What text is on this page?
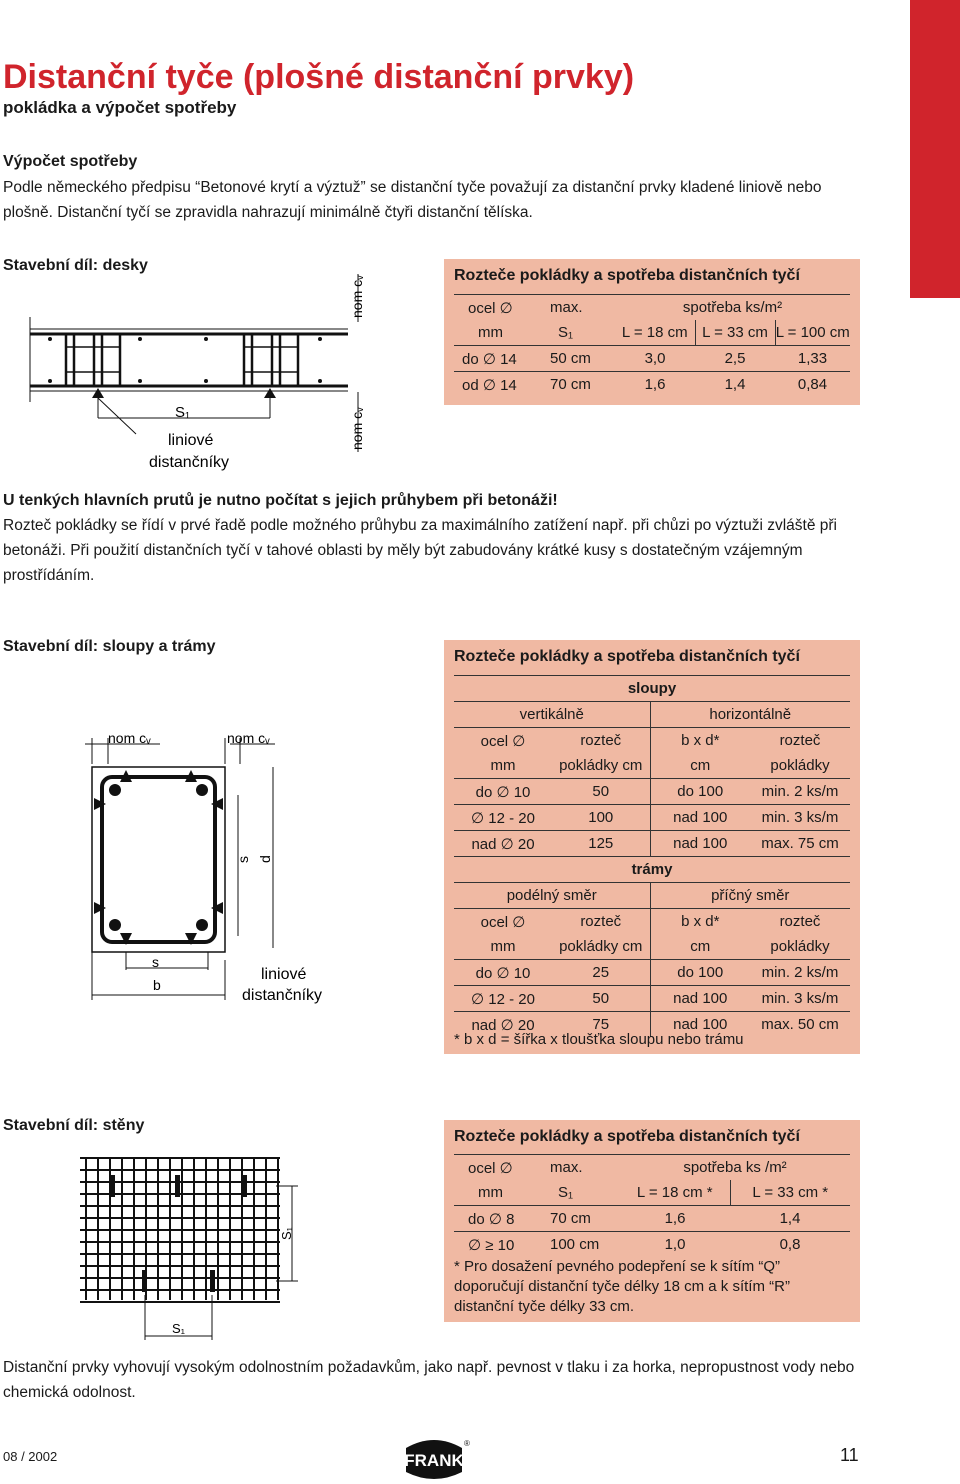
Distanční tyče (plošné distanční prvky)
pokládka a výpočet spotřeby
Výpočet spotřeby
Podle německého předpisu “Betonové krytí a výztuž” se distanční tyče považují za distanční prvky kladené liniově nebo plošně. Distanční tyčí se zpravidla nahrazují minimálně čtyři distanční tělíska.
Stavební díl: desky
S₁
liniové
distančníky
nom cᵥ
nom cᵥ
Rozteče pokládky a spotřeba distančních tyčí
ocel ∅	max.	spotřeba ks/m²		
mm	S₁	L = 18 cm	L = 33 cm	L = 100 cm
do ∅ 14	50 cm	3,0	2,5	1,33
od ∅ 14	70 cm	1,6	1,4	0,84
U tenkých hlavních prutů je nutno počítat s jejich průhybem při betonáži!
Rozteč pokládky se řídí v prvé řadě podle možného průhybu za maximálního zatížení např. při chůzi po výztuži zvláště při betonáži. Při použití distančních tyčí v tahové oblasti by měly být zabudovány krátké kusy s dostatečným vzájemným prostřídáním.
Stavební díl: sloupy a trámy
nom cᵥ	nom cᵥ
s d
s
b
liniové
distančníky
Rozteče pokládky a spotřeba distančních tyčí
sloupy			
vertikálně		horizontálně	
ocel ∅	rozteč	b x d*	rozteč
mm	pokládky cm	cm	pokládky
do ∅ 10	50	do 100	min. 2 ks/m
∅ 12 - 20	100	nad 100	min. 3 ks/m
nad ∅ 20	125	nad 100	max. 75 cm
trámy			
podélný směr		příčný směr	
ocel ∅	rozteč	b x d*	rozteč
mm	pokládky cm	cm	pokládky
do ∅ 10	25	do 100	min. 2 ks/m
∅ 12 - 20	50	nad 100	min. 3 ks/m
nad ∅ 20	75	nad 100	max. 50 cm
* b x d = šířka x tloušťka sloupu nebo trámu
Stavební díl: stěny
S₁
S₁
Rozteče pokládky a spotřeba distančních tyčí
ocel ∅	max.	spotřeba ks /m²	
mm	S₁	L = 18 cm *	L = 33 cm *
do ∅ 8	70 cm	1,6	1,4
∅ ≥ 10	100 cm	1,0	0,8
* Pro dosažení pevného podepření se k sítím “Q” doporučují distanční tyče délky 18 cm a k sítím “R” distanční tyče délky 33 cm.
Distanční prvky vyhovují vysokým odolnostním požadavkům, jako např. pevnost v tlaku i za horka, nepropustnost vody nebo chemická odolnost.
08 / 2002	FRANK
®
11
